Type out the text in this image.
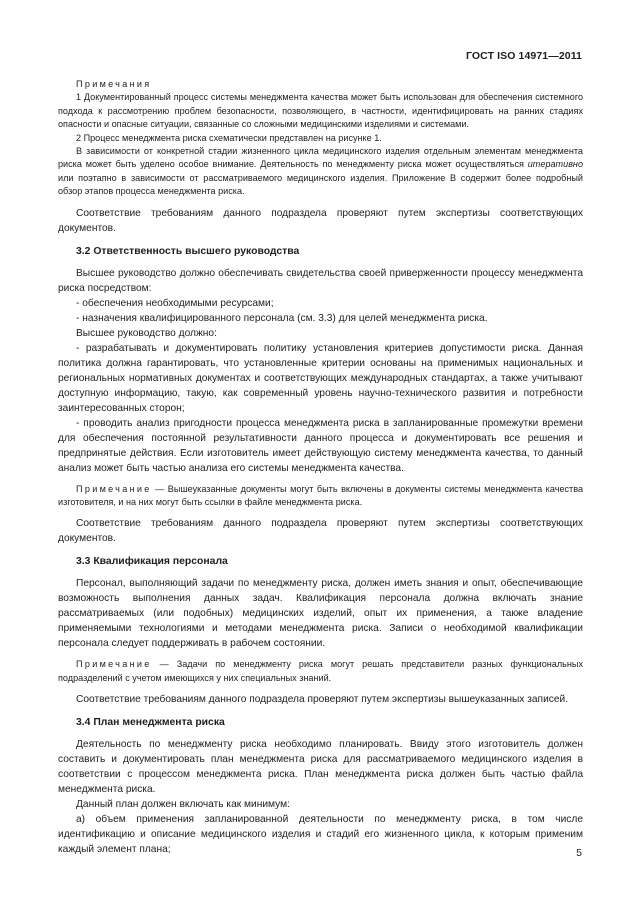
ГОСТ ISO 14971—2011

Примечания

1 Документированный процесс системы менеджмента качества может быть использован для обеспечения системного подхода к рассмотрению проблем безопасности, позволяющего, в частности, идентифицировать на ранних стадиях опасности и опасные ситуации, связанные со сложными медицинскими изделиями и системами.

2 Процесс менеджмента риска схематически представлен на рисунке 1.

В зависимости от конкретной стадии жизненного цикла медицинского изделия отдельным элементам менеджмента риска может быть уделено особое внимание. Деятельность по менеджменту риска может осуществляться итеративно или поэтапно в зависимости от рассматриваемого медицинского изделия. Приложение B содержит более подробный обзор этапов процесса менеджмента риска.

Соответствие требованиям данного подраздела проверяют путем экспертизы соответствующих документов.

3.2 Ответственность высшего руководства

Высшее руководство должно обеспечивать свидетельства своей приверженности процессу менеджмента риска посредством:

- обеспечения необходимыми ресурсами;

- назначения квалифицированного персонала (см. 3.3) для целей менеджмента риска.

Высшее руководство должно:

- разрабатывать и документировать политику установления критериев допустимости риска. Данная политика должна гарантировать, что установленные критерии основаны на применимых национальных и региональных нормативных документах и соответствующих международных стандартах, а также учитывают доступную информацию, такую, как современный уровень научно-технического развития и потребности заинтересованных сторон;

- проводить анализ пригодности процесса менеджмента риска в запланированные промежутки времени для обеспечения постоянной результативности данного процесса и документировать все решения и предпринятые действия. Если изготовитель имеет действующую систему менеджмента качества, то данный анализ может быть частью анализа его системы менеджмента качества.

Примечание — Вышеуказанные документы могут быть включены в документы системы менеджмента качества изготовителя, и на них могут быть ссылки в файле менеджмента риска.

Соответствие требованиям данного подраздела проверяют путем экспертизы соответствующих документов.

3.3 Квалификация персонала

Персонал, выполняющий задачи по менеджменту риска, должен иметь знания и опыт, обеспечивающие возможность выполнения данных задач. Квалификация персонала должна включать знание рассматриваемых (или подобных) медицинских изделий, опыт их применения, а также владение применяемыми технологиями и методами менеджмента риска. Записи о необходимой квалификации персонала следует поддерживать в рабочем состоянии.

Примечание — Задачи по менеджменту риска могут решать представители разных функциональных подразделений с учетом имеющихся у них специальных знаний.

Соответствие требованиям данного подраздела проверяют путем экспертизы вышеуказанных записей.

3.4 План менеджмента риска

Деятельность по менеджменту риска необходимо планировать. Ввиду этого изготовитель должен составить и документировать план менеджмента риска для рассматриваемого медицинского изделия в соответствии с процессом менеджмента риска. План менеджмента риска должен быть частью файла менеджмента риска.

Данный план должен включать как минимум:

а) объем применения запланированной деятельности по менеджменту риска, в том числе идентификацию и описание медицинского изделия и стадий его жизненного цикла, к которым применим каждый элемент плана;	5
